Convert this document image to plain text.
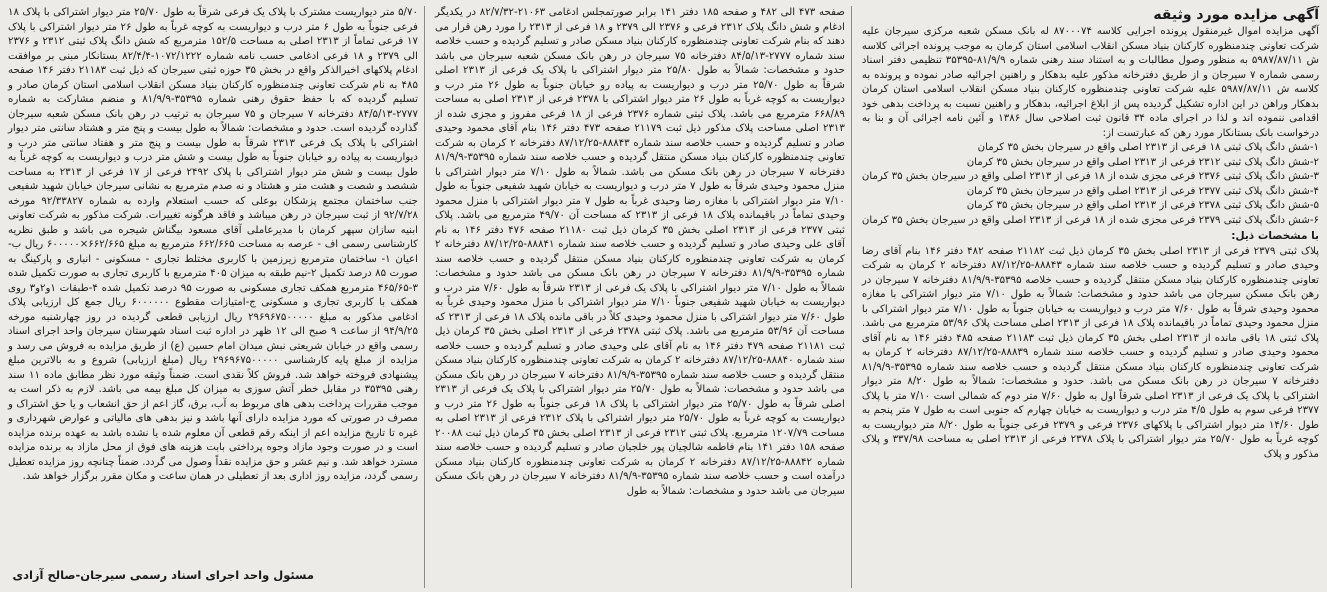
آگهی مزایده مورد وثیقه

آگهی مزایده اموال غیرمنقول پرونده اجرایی کلاسه ۸۷۰۰۰۷۴ له بانک مسکن شعبه مرکزی سیرجان علیه شرکت تعاونی چندمنظوره کارکنان بنیاد مسکن انقلاب اسلامی استان کرمان به موجب پرونده اجرائی کلاسه ش ۵۹۸۷/۸۷/۱۱ به منظور وصول مطالبات و به استناد سند رهنی شماره ۸۱/۹/۹-۳۵۳۹۵ تنظیمی دفتر اسناد رسمی شماره ۷ سیرجان و از طریق دفترخانه مذکور علیه بدهکار و راهنین اجرائیه صادر نموده و پرونده به کلاسه ش ۵۹۸۷/۸۷/۱۱ علیه شرکت تعاونی چندمنظوره کارکنان بنیاد مسکن انقلاب اسلامی استان کرمان بدهکار وراهن در این اداره تشکیل گردیده پس از ابلاغ اجرائیه، بدهکار و راهنین نسبت به پرداخت بدهی خود اقدامی ننموده اند و لذا در اجرای ماده ۳۴ قانون ثبت اصلاحی سال ۱۳۸۶ و آئین نامه اجرائی آن و بنا به درخواست بانک بستانکار مورد رهن که عبارتست از:

۱-شش دانگ پلاک ثبتی ۱۸ فرعی از ۲۳۱۳ اصلی واقع در سیرجان بخش ۳۵ کرمان
۲-شش دانگ پلاک ثبتی ۲۳۱۲ فرعی از ۲۳۱۳ اصلی واقع در سیرجان بخش ۳۵ کرمان
۳-شش دانگ پلاک ثبتی ۲۳۷۶ فرعی مجزی شده از ۱۸ فرعی از ۲۳۱۳ اصلی واقع در سیرجان بخش ۳۵ کرمان
۴-شش دانگ پلاک ثبتی ۲۳۷۷ فرعی از ۲۳۱۳ اصلی واقع در سیرجان بخش ۳۵ کرمان
۵-شش دانگ پلاک ثبتی ۲۳۷۸ فرعی از ۲۳۱۳ اصلی واقع در سیرجان بخش ۳۵ کرمان
۶-شش دانگ پلاک ثبتی ۲۳۷۹ فرعی مجزی شده از ۱۸ فرعی از ۲۳۱۳ اصلی واقع در سیرجان بخش ۳۵ کرمان
با مشخصات ذیل:

پلاک ثبتی ۲۳۷۹ فرعی از ۲۳۱۳ اصلی بخش ۳۵ کرمان ذیل ثبت ۲۱۱۸۲ صفحه ۴۸۲ دفتر ۱۴۶ بنام آقای رضا وحیدی صادر و تسلیم گردیده و حسب خلاصه سند شماره ۸۸۸۴۳-۸۷/۱۲/۲۵ دفترخانه ۲ کرمان به شرکت تعاونی چندمنظوره کارکنان بنیاد مسکن منتقل گردیده و حسب خلاصه ۳۵۳۹۵-۸۱/۹/۹ دفترخانه ۷ سیرجان در رهن بانک مسکن سیرجان می باشد حدود و مشخصات: شمالاً به طول ۷/۱۰ متر دیوار اشتراکی با مغازه محمود وحیدی شرقاً به طول ۷/۶۰ متر درب و دیواریست به خیابان جنوباً به طول ۷/۱۰ متر دیوار اشتراکی با منزل محمود وحیدی تماماً در باقیمانده پلاک ۱۸ فرعی از ۲۳۱۳ اصلی مساحت پلاک ۵۳/۹۶ مترمربع می باشد. پلاک ثبتی ۱۸ باقی مانده از ۲۳۱۳ اصلی بخش ۳۵ کرمان ذیل ثبت ۲۱۱۸۳ صفحه ۴۸۵ دفتر ۱۴۶ به نام آقای محمود وحیدی صادر و تسلیم گردیده و حسب خلاصه سند شماره ۸۸۸۳۹-۸۷/۱۲/۲۵ دفترخانه ۲ کرمان به شرکت تعاونی چندمنظوره کارکنان بنیاد مسکن منتقل گردیده و حسب خلاصه سند شماره ۳۵۳۹۵-۸۱/۹/۹ دفترخانه ۷ سیرجان در رهن بانک مسکن می باشد. حدود و مشخصات: شمالاً به طول ۸/۲۰ متر دیوار اشتراکی با پلاک یک فرعی از ۲۳۱۳ اصلی شرقاً اول به طول ۷/۶۰ متر دوم که شمالی است ۷/۱۰ متر با پلاک ۲۳۷۷ فرعی سوم به طول ۴/۵ متر درب و دیواریست به خیابان چهارم که جنوبی است به طول ۷ متر پنجم به طول ۱۴/۶۰ متر دیوار اشتراکی با پلاکهای ۲۳۷۶ فرعی و ۲۳۷۹ فرعی جنوباً به طول ۸/۲۰ متر دیواریست به کوچه غرباً به طول ۲۵/۷۰ متر دیوار اشتراکی با پلاک ۲۳۷۸ فرعی از ۲۳۱۳ اصلی به مساحت ۳۳۷/۹۸ و پلاک مذکور و پلاک

صفحه ۴۷۳ الی ۴۸۲ و صفحه ۱۸۵ دفتر ۱۴۱ برابر صورتمجلس ادغامی ۲۱۰۶۳-۸۲/۷/۳۲ در یکدیگر ادغام و شش دانگ پلاک ۲۳۱۲ فرعی و ۲۳۷۶ الی ۲۳۷۹ و ۱۸ فرعی از ۲۳۱۳ را مورد رهن قرار می دهند که بنام شرکت تعاونی چندمنظوره کارکنان بنیاد مسکن صادر و تسلیم گردیده و حسب خلاصه سند شماره ۲۷۷۷-۸۴/۵/۱۳ دفترخانه ۷۵ سیرجان در رهن بانک مسکن شعبه سیرجان می باشد حدود و مشخصات: شمالاً به طول ۲۵/۸۰ متر دیوار اشتراکی با پلاک یک فرعی از ۲۳۱۳ اصلی شرقاً به طول ۲۵/۷۰ متر درب و دیواریست به پیاده رو خیابان جنوباً به طول ۲۶ متر درب و دیواریست به کوچه غرباً به طول ۲۶ متر دیوار اشتراکی با ۲۳۷۸ فرعی از ۲۳۱۳ اصلی به مساحت ۶۶۸/۸۹ مترمربع می باشد. پلاک ثبتی شماره ۲۳۷۶ فرعی از ۱۸ فرعی مفروز و مجزی شده از ۲۳۱۳ اصلی مساحت پلاک مذکور ذیل ثبت ۲۱۱۷۹ صفحه ۴۷۳ دفتر ۱۴۶ بنام آقای محمود وحیدی صادر و تسلیم گردیده و حسب خلاصه سند شماره ۸۸۸۴۳-۸۷/۱۲/۲۵ دفترخانه ۲ کرمان به شرکت تعاونی چندمنظوره کارکنان بنیاد مسکن منتقل گردیده و حسب خلاصه سند شماره ۳۵۳۹۵-۸۱/۹/۹ دفترخانه ۷ سیرجان در رهن بانک مسکن می باشد. شمالاً به طول ۷/۱۰ متر دیوار اشتراکی با منزل محمود وحیدی شرقاً به طول ۷ متر درب و دیواریست به خیابان شهید شفیعی جنوباً به طول ۷/۱۰ متر دیوار اشتراکی با مغازه رضا وحیدی غرباً به طول ۷ متر دیوار اشتراکی با منزل محمود وحیدی تماماً در باقیمانده پلاک ۱۸ فرعی از ۲۳۱۳ که مساحت آن ۴۹/۷۰ مترمربع می باشد. پلاک ثبتی ۲۳۷۷ فرعی از ۲۳۱۳ اصلی بخش ۳۵ کرمان ذیل ثبت ۲۱۱۸۰ صفحه ۴۷۶ دفتر ۱۴۶ به نام آقای علی وحیدی صادر و تسلیم گردیده و حسب خلاصه سند شماره ۸۸۸۴۱-۸۷/۱۲/۲۵ دفترخانه ۲ کرمان به شرکت تعاونی چندمنظوره کارکنان بنیاد مسکن منتقل گردیده و حسب خلاصه سند شماره ۳۵۳۹۵-۸۱/۹/۹ دفترخانه ۷ سیرجان در رهن بانک مسکن می باشد حدود و مشخصات: شمالاً به طول ۷/۱۰ متر دیوار اشتراکی با پلاک یک فرعی از ۲۳۱۳ شرقاً به طول ۷/۶۰ متر درب و دیواریست به خیابان شهید شفیعی جنوباً ۷/۱۰ متر دیوار اشتراکی با منزل محمود وحیدی غرباً به طول ۷/۶۰ متر دیوار اشتراکی با منزل محمود وحیدی کلاً در باقی مانده پلاک ۱۸ فرعی از ۲۳۱۳ که مساحت آن ۵۳/۹۶ مترمربع می باشد. پلاک ثبتی ۲۳۷۸ فرعی از ۲۳۱۳ اصلی بخش ۳۵ کرمان ذیل ثبت ۲۱۱۸۱ صفحه ۴۷۹ دفتر ۱۴۶ به نام آقای علی وحیدی صادر و تسلیم گردیده و حسب خلاصه سند شماره ۸۸۸۴۰-۸۷/۱۲/۲۵ دفترخانه ۲ کرمان به شرکت تعاونی چندمنظوره کارکنان بنیاد مسکن منتقل گردیده و حسب خلاصه سند شماره ۳۵۳۹۵-۸۱/۹/۹ دفترخانه ۷ سیرجان در رهن بانک مسکن می باشد حدود و مشخصات: شمالاً به طول ۲۵/۷۰ متر دیوار اشتراکی با پلاک یک فرعی از ۲۳۱۳ اصلی شرقاً به طول ۲۵/۷۰ متر دیوار اشتراکی با پلاک ۱۸ فرعی جنوباً به طول ۲۶ متر درب و دیواریست به کوچه غرباً به طول ۲۵/۷۰ متر دیوار اشتراکی با پلاک ۲۳۱۲ فرعی از ۲۳۱۳ اصلی به مساحت ۱۲۰۷/۷۹ مترمربع. پلاک ثبتی ۲۳۱۲ فرعی از ۲۳۱۳ اصلی بخش ۳۵ کرمان ذیل ثبت ۲۰۰۸۸ صفحه ۱۵۸ دفتر ۱۴۱ بنام فاطمه شالچیان پور خلجیان صادر و تسلیم گردیده و حسب خلاصه سند شماره ۸۸۸۴۲-۸۷/۱۲/۲۵ دفترخانه ۲ کرمان به شرکت تعاونی چندمنظوره کارکنان بنیاد مسکن درآمده است و حسب خلاصه سند شماره ۳۵۳۹۵-۸۱/۹/۹ دفترخانه ۷ سیرجان در رهن بانک مسکن سیرجان می باشد حدود و مشخصات: شمالاً به طول

۵/۷۰ متر دیواریست مشترک با پلاک یک فرعی شرقاً به طول ۲۵/۷۰ متر دیوار اشتراکی با پلاک ۱۸ فرعی جنوباً به طول ۶ متر درب و دیواریست به کوچه غرباً به طول ۲۶ متر دیوار اشتراکی با پلاک ۱۷ فرعی تماماً از ۲۳۱۳ اصلی به مساحت ۱۵۲/۵ مترمربع که شش دانگ پلاک ثبتی ۲۳۱۲ و ۲۳۷۶ الی ۲۳۷۹ و ۱۸ فرعی ادغامی حسب نامه شماره ۱۰۷۲/۱۲۲۲-۸۲/۴/۴ بستانکار مبنی بر موافقت ادغام پلاکهای اخیرالذکر واقع در بخش ۳۵ حوزه ثبتی سیرجان که ذیل ثبت ۲۱۱۸۳ دفتر ۱۴۶ صفحه ۴۸۵ به نام شرکت تعاونی چندمنظوره کارکنان بنیاد مسکن انقلاب اسلامی استان کرمان صادر و تسلیم گردیده که با حفظ حقوق رهنی شماره ۳۵۳۹۵-۸۱/۹/۹ و منضم مشارکت به شماره ۲۷۷۷-۸۴/۵/۱۳ دفترخانه ۷ سیرجان و ۷۵ سیرجان به ترتیب در رهن بانک مسکن شعبه سیرجان گذارده گردیده است. حدود و مشخصات: شمالاً به طول بیست و پنج متر و هشتاد سانتی متر دیوار اشتراکی با پلاک یک فرعی ۲۳۱۳ شرقاً به طول بیست و پنج متر و هفتاد سانتی متر درب و دیواریست به پیاده رو خیابان جنوباً به طول بیست و شش متر درب و دیواریست به کوچه غرباً به طول بیست و شش متر دیوار اشتراکی با پلاک ۲۴۹۲ فرعی از ۱۷ فرعی از ۲۳۱۳ به مساحت ششصد و شصت و هشت متر و هشتاد و نه صدم مترمربع به نشانی سیرجان خیابان شهید شفیعی جنب ساختمان مجتمع پزشکان بوعلی که حسب استعلام وارده به شماره ۹۲/۳۳۸۲۷ مورخه ۹۲/۷/۲۸ از ثبت سیرجان در رهن میباشد و فاقد هرگونه تغییرات. شرکت مذکور به شرکت تعاونی ابنیه سازان سپهر کرمان با مدیرعاملی آقای مسعود بیگناش شیجره می باشد و طبق نظریه کارشناسی رسمی اف - عرصه به مساحت ۶۶۲/۶۶۵ مترمربع به مبلغ ۶۶۲/۶۶۵×۶۰۰۰۰۰ ریال ب-اعیان ۱- ساختمان مترمربع زیرزمین با کاربری مختلط تجاری - مسکونی - انباری و پارکینگ به صورت ۸۵ درصد تکمیل ۲-نیم طبقه به میزان ۴۰۵ مترمربع با کاربری تجاری به صورت تکمیل شده ۳-۴۶۵/۶۵ مترمربع همکف تجاری مسکونی به صورت ۹۵ درصد تکمیل شده ۴-طبقات ۱و۲و۳ روی همکف با کاربری تجاری و مسکونی ج-امتیازات مقطوع ۶۰۰۰۰۰۰ ریال جمع کل ارزیابی پلاک ادغامی مذکور به مبلغ ۲۹۶۹۶۷۵۰۰۰۰۰ ریال ارزیابی قطعی گردیده در روز چهارشنبه مورخه ۹۴/۹/۲۵ از ساعت ۹ صبح الی ۱۲ ظهر در اداره ثبت اسناد شهرستان سیرجان واحد اجرای اسناد رسمی واقع در خیابان شریعتی نبش میدان امام حسین (ع) از طریق مزایده به فروش می رسد و مزایده از مبلغ پایه کارشناسی ۲۹۶۹۶۷۵۰۰۰۰۰ ریال (مبلغ ارزیابی) شروع و به بالاترین مبلغ پیشنهادی فروخته خواهد شد. فروش کلاً نقدی است. ضمناً وثیقه مورد نظر مطابق ماده ۱۱ سند رهنی ۳۵۳۹۵ در مقابل خطر آتش سوزی به میزان کل مبلغ بیمه می باشد. لازم به ذکر است به موجب مقررات پرداخت بدهی های مربوط به آب، برق، گاز اعم از حق انشعاب و یا حق اشتراک و مصرف در صورتی که مورد مزایده دارای آنها باشد و نیز بدهی های مالیاتی و عوارض شهرداری و غیره تا تاریخ مزایده اعم از اینکه رقم قطعی آن معلوم شده یا نشده باشد به عهده برنده مزایده است و در صورت وجود مازاد وجوه پرداختی بابت هزینه های فوق از محل مازاد به برنده مزایده مسترد خواهد شد. و نیم عشر و حق مزایده نقداً وصول می گردد. ضمناً چنانچه روز مزایده تعطیل رسمی گردد، مزایده روز اداری بعد از تعطیلی در همان ساعت و مکان مقرر برگزار خواهد شد.

مسئول واحد اجرای اسناد رسمی سیرجان-صالح آزادی
